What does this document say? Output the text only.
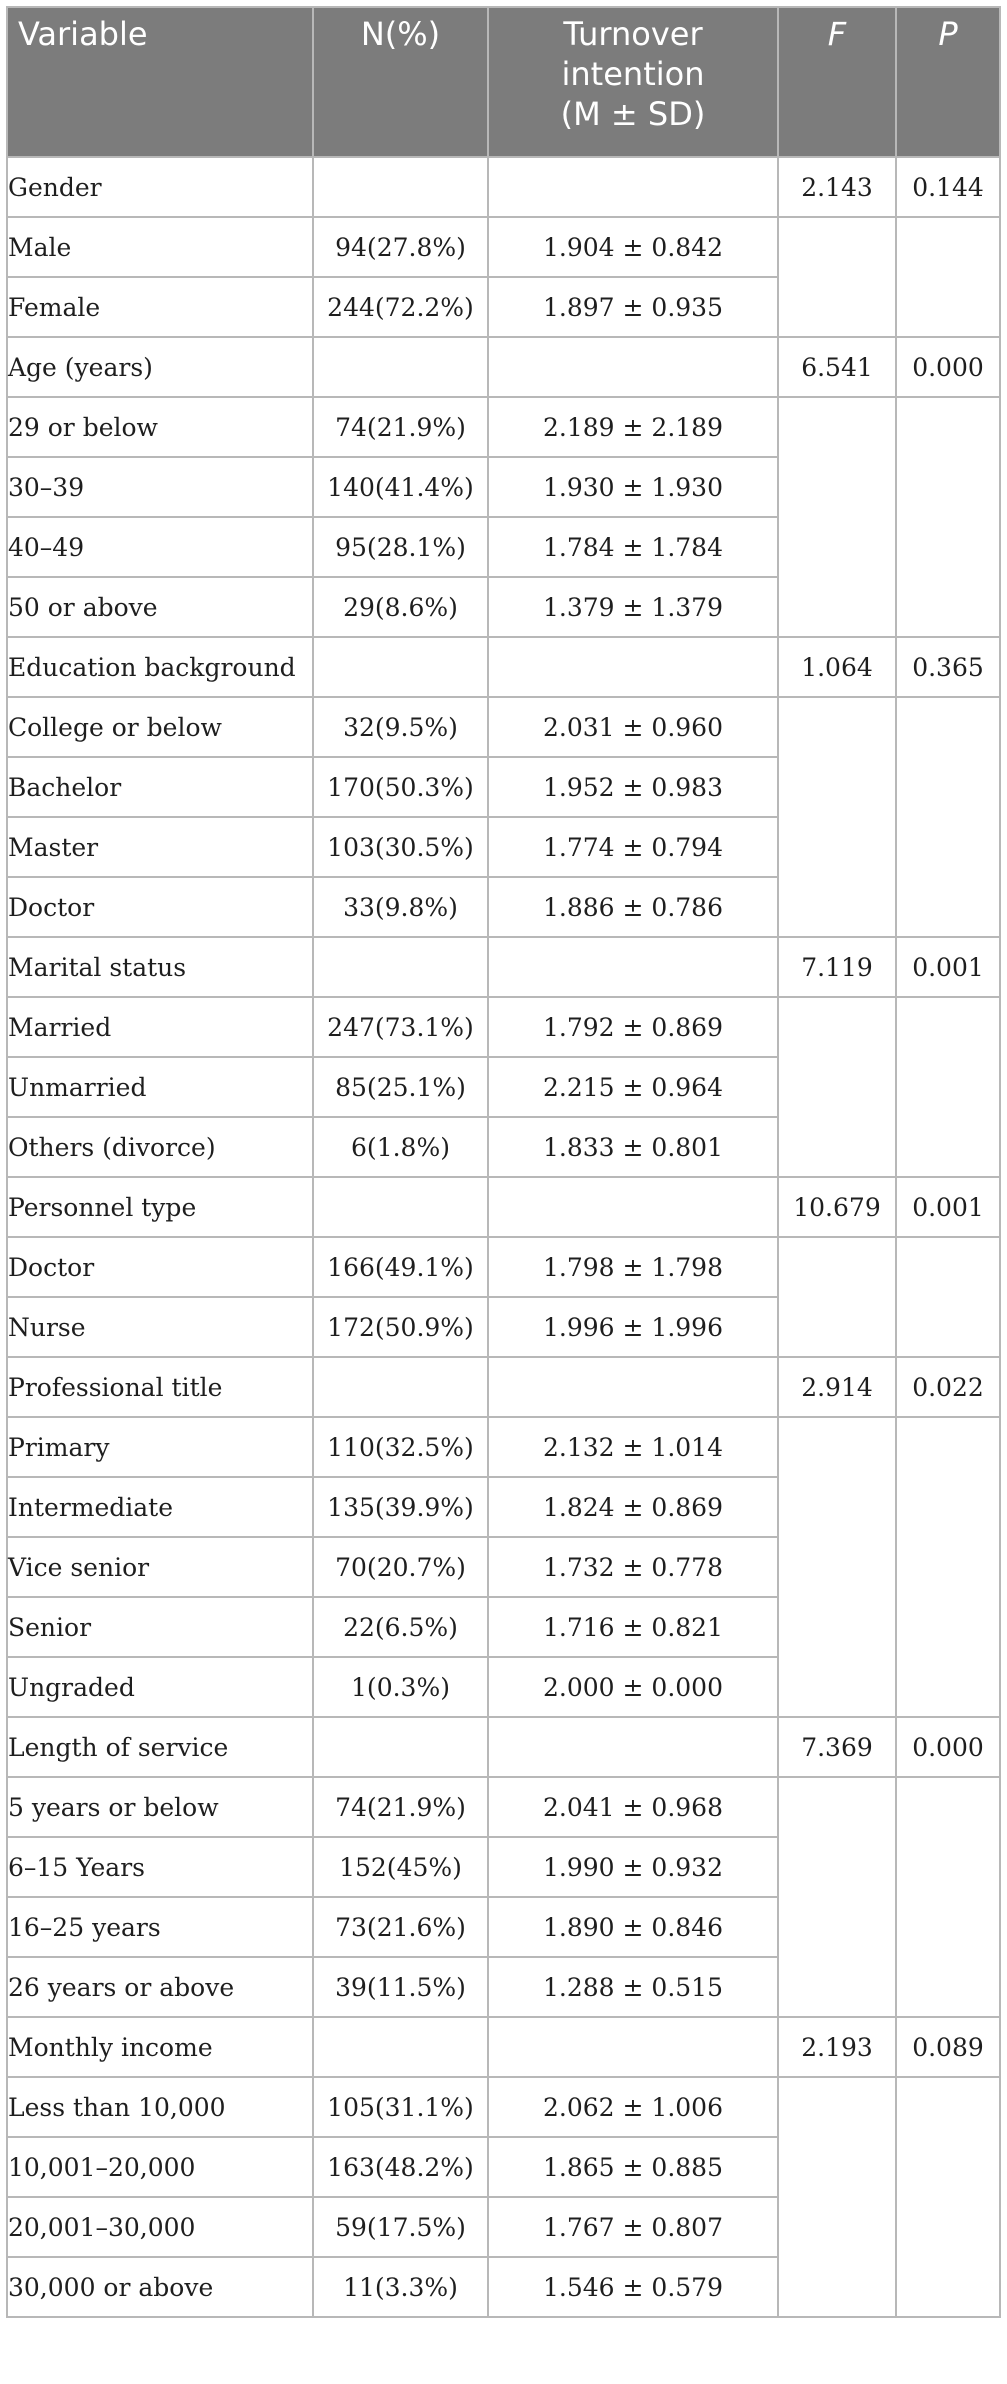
Variable	N(%)	Turnover
intention
(M ± SD)	F	P
Gender			2.143	0.144
Male	94(27.8%)	1.904 ± 0.842		
Female	244(72.2%)	1.897 ± 0.935		
Age (years)			6.541	0.000
29 or below	74(21.9%)	2.189 ± 2.189		
30–39	140(41.4%)	1.930 ± 1.930		
40–49	95(28.1%)	1.784 ± 1.784		
50 or above	29(8.6%)	1.379 ± 1.379		
Education background			1.064	0.365
College or below	32(9.5%)	2.031 ± 0.960		
Bachelor	170(50.3%)	1.952 ± 0.983		
Master	103(30.5%)	1.774 ± 0.794		
Doctor	33(9.8%)	1.886 ± 0.786		
Marital status			7.119	0.001
Married	247(73.1%)	1.792 ± 0.869		
Unmarried	85(25.1%)	2.215 ± 0.964		
Others (divorce)	6(1.8%)	1.833 ± 0.801		
Personnel type			10.679	0.001
Doctor	166(49.1%)	1.798 ± 1.798		
Nurse	172(50.9%)	1.996 ± 1.996		
Professional title			2.914	0.022
Primary	110(32.5%)	2.132 ± 1.014		
Intermediate	135(39.9%)	1.824 ± 0.869		
Vice senior	70(20.7%)	1.732 ± 0.778		
Senior	22(6.5%)	1.716 ± 0.821		
Ungraded	1(0.3%)	2.000 ± 0.000		
Length of service			7.369	0.000
5 years or below	74(21.9%)	2.041 ± 0.968		
6–15 Years	152(45%)	1.990 ± 0.932		
16–25 years	73(21.6%)	1.890 ± 0.846		
26 years or above	39(11.5%)	1.288 ± 0.515		
Monthly income			2.193	0.089
Less than 10,000	105(31.1%)	2.062 ± 1.006		
10,001–20,000	163(48.2%)	1.865 ± 0.885		
20,001–30,000	59(17.5%)	1.767 ± 0.807		
30,000 or above	11(3.3%)	1.546 ± 0.579		
